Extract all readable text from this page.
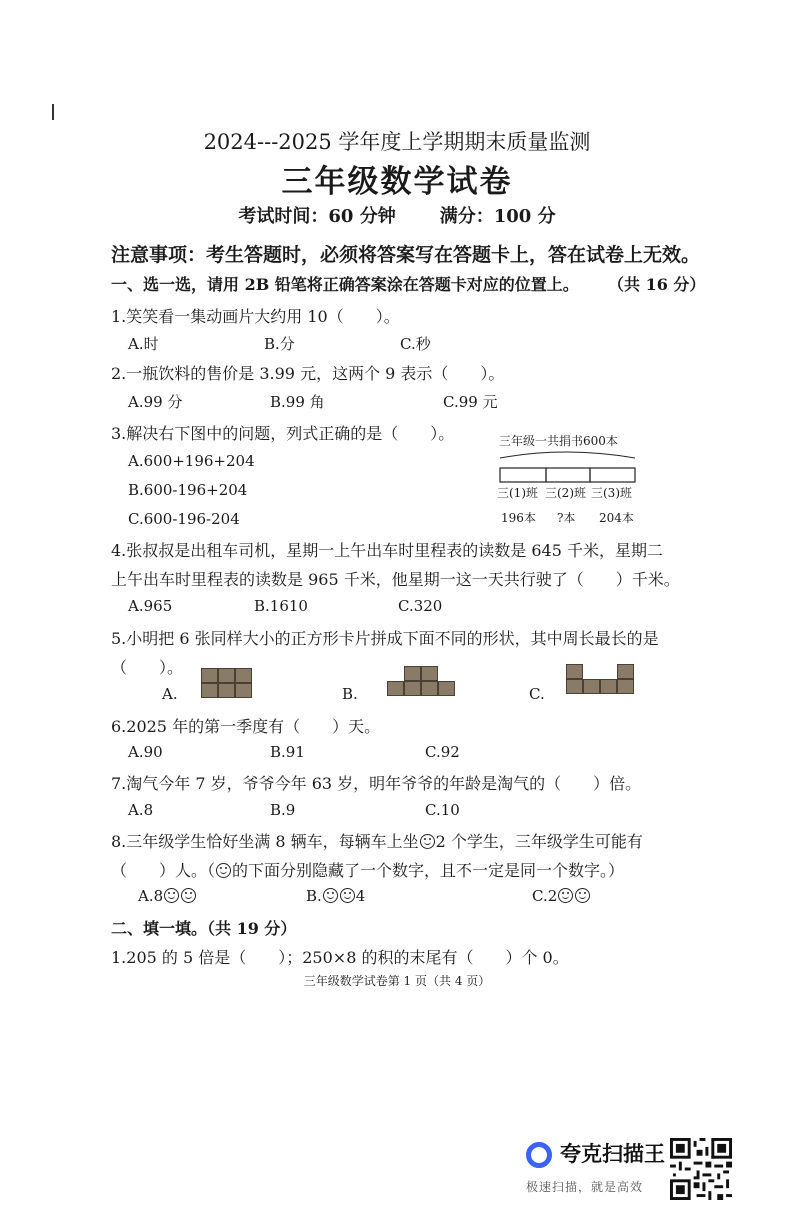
2024---2025 学年度上学期期末质量监测
三年级数学试卷
考试时间：60 分钟 满分：100 分
注意事项：考生答题时，必须将答案写在答题卡上，答在试卷上无效。
一、选一选，请用 2B 铅笔将正确答案涂在答题卡对应的位置上。 （共 16 分）
1.笑笑看一集动画片大约用 10（　　）。
A.时	B.分	C.秒
2.一瓶饮料的售价是 3.99 元，这两个 9 表示（　　）。
A.99 分	B.99 角	C.99 元
3.解决右下图中的问题，列式正确的是（　　）。
A.600+196+204
B.600-196+204
C.600-196-204
三年级一共捐书600本
三(1)班 三(2)班 三(3)班
196本 ?本 204本
4.张叔叔是出租车司机，星期一上午出车时里程表的读数是 645 千米，星期二
上午出车时里程表的读数是 965 千米，他星期一这一天共行驶了（　　）千米。
A.965	B.1610	C.320
5.小明把 6 张同样大小的正方形卡片拼成下面不同的形状，其中周长最长的是
（　　）。
A.	B.	C.
6.2025 年的第一季度有（　　）天。
A.90	B.91	C.92
7.淘气今年 7 岁，爷爷今年 63 岁，明年爷爷的年龄是淘气的（　　）倍。
A.8	B.9	C.10
8.三年级学生恰好坐满 8 辆车，每辆车上坐 2 个学生，三年级学生可能有
（　　）人。（ 的下面分别隐藏了一个数字，且不一定是同一个数字。）
A.8	B. 4	C.2
二、填一填。（共 19 分）
1.205 的 5 倍是（　　）；250×8 的积的末尾有（　　）个 0。
三年级数学试卷第 1 页（共 4 页）
夸克扫描王
极速扫描，就是高效
